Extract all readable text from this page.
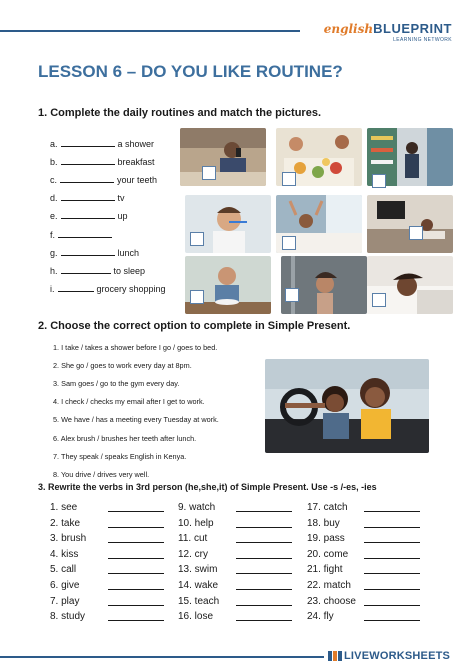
englishBLUEPRINT
LEARNING NETWORK
LESSON 6 – DO YOU LIKE ROUTINE?
1. Complete the daily routines and match the pictures.
a.	a shower
b.	breakfast
c.	your teeth
d.	tv
e.	up
f.
g.	lunch
h.	to sleep
i.	grocery shopping
2. Choose the correct option to complete in Simple Present.
1. I take / takes a shower before I go / goes to bed.
2. She go / goes to work every day at 8pm.
3. Sam goes / go to the gym every day.
4. I check / checks my email after I get to work.
5. We have / has a meeting every Tuesday at work.
6. Alex brush / brushes her teeth after lunch.
7. They speak / speaks English in Kenya.
8. You drive / drives very well.
3. Rewrite the verbs in 3rd person (he,she,it) of Simple Present. Use -s /-es, -ies
1. see
2. take
3. brush
4. kiss
5. call
6. give
7. play
8. study
9. watch
10. help
11. cut
12. cry
13. swim
14. wake
15. teach
16. lose
17. catch
18. buy
19. pass
20. come
21. fight
22. match
23. choose
24. fly
LIVEWORKSHEETS
